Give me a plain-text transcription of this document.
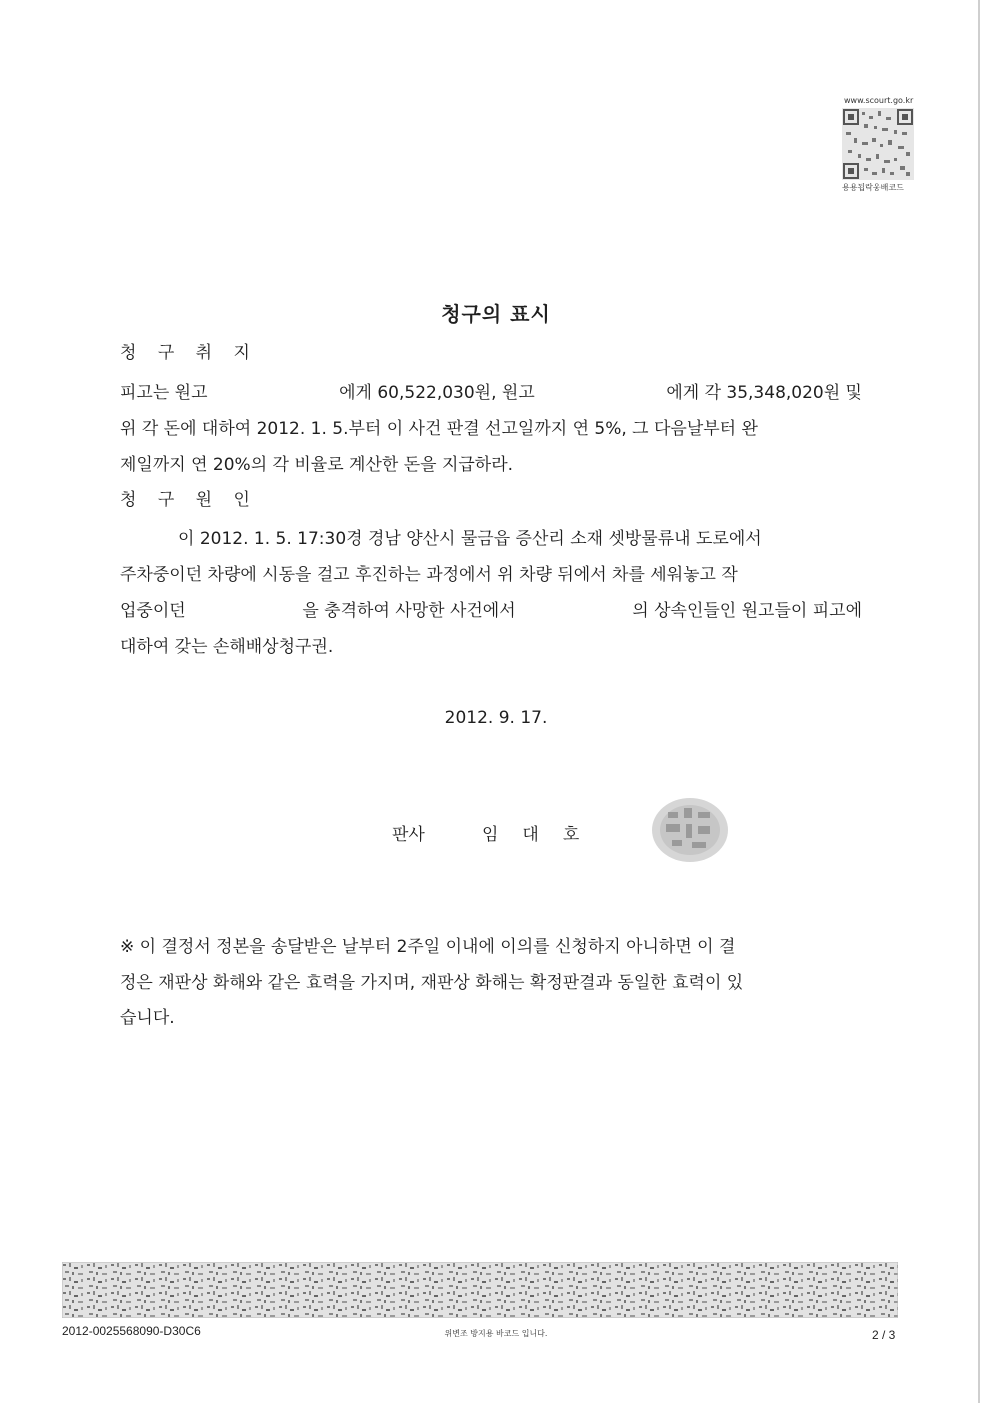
www.scourt.go.kr
용용됩락웅배코드
청구의 표시
청 구 취 지
피고는 원고	에게 60,522,030원, 원고	에게 각 35,348,020원 및
위 각 돈에 대하여 2012. 1. 5.부터 이 사건 판결 선고일까지 연 5%, 그 다음날부터 완
제일까지 연 20%의 각 비율로 계산한 돈을 지급하라.
청 구 원 인
이 2012. 1. 5. 17:30경 경남 양산시 물금읍 증산리 소재 셋방물류내 도로에서
주차중이던 차량에 시동을 걸고 후진하는 과정에서 위 차량 뒤에서 차를 세워놓고 작
업중이던	을 충격하여 사망한 사건에서	의 상속인들인 원고들이 피고에
대하여 갖는 손해배상청구권.
2012. 9. 17.
판사	임대호
※ 이 결정서 정본을 송달받은 날부터 2주일 이내에 이의를 신청하지 아니하면 이 결
정은 재판상 화해와 같은 효력을 가지며, 재판상 화해는 확정판결과 동일한 효력이 있
습니다.
2012-0025568090-D30C6	위변조 방지용 바코드 입니다.	2 / 3
